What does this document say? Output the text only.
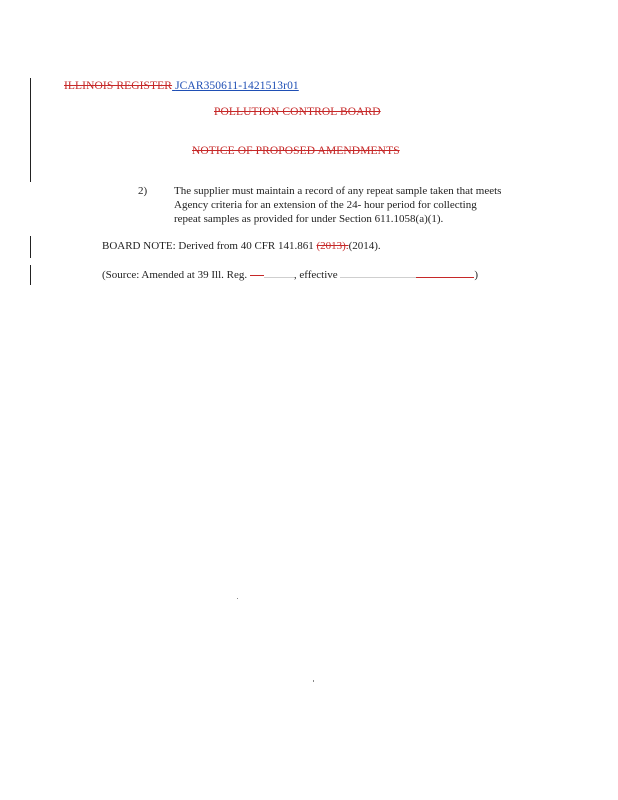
ILLINOIS REGISTER JCAR350611-1421513r01
POLLUTION CONTROL BOARD
NOTICE OF PROPOSED AMENDMENTS
2) The supplier must maintain a record of any repeat sample taken that meets
Agency criteria for an extension of the 24- hour period for collecting
repeat samples as provided for under Section 611.1058(a)(1).
BOARD NOTE: Derived from 40 CFR 141.861 (2013).(2014).
(Source: Amended at 39 Ill. Reg.	, effective	)
